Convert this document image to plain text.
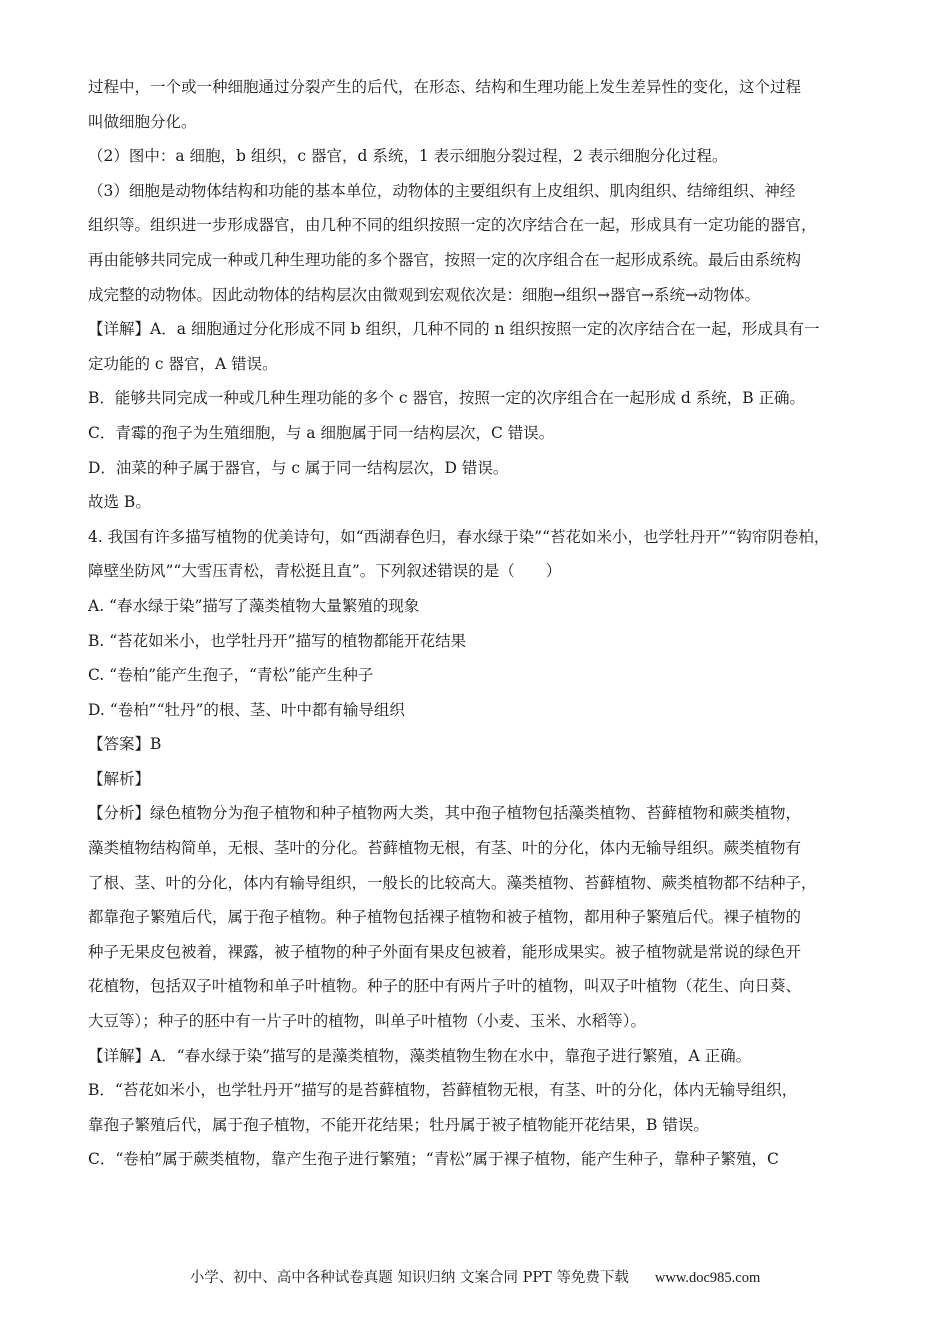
过程中，一个或一种细胞通过分裂产生的后代，在形态、结构和生理功能上发生差异性的变化，这个过程
叫做细胞分化。
（2）图中：a 细胞，b 组织，c 器官，d 系统，1 表示细胞分裂过程，2 表示细胞分化过程。
（3）细胞是动物体结构和功能的基本单位，动物体的主要组织有上皮组织、肌肉组织、结缔组织、神经
组织等。组织进一步形成器官，由几种不同的组织按照一定的次序结合在一起，形成具有一定功能的器官，
再由能够共同完成一种或几种生理功能的多个器官，按照一定的次序组合在一起形成系统。最后由系统构
成完整的动物体。因此动物体的结构层次由微观到宏观依次是：细胞→组织→器官→系统→动物体。
【详解】A．a 细胞通过分化形成不同 b 组织，几种不同的 n 组织按照一定的次序结合在一起，形成具有一
定功能的 c 器官，A 错误。
B．能够共同完成一种或几种生理功能的多个 c 器官，按照一定的次序组合在一起形成 d 系统，B 正确。
C．青霉的孢子为生殖细胞，与 a 细胞属于同一结构层次，C 错误。
D．油菜的种子属于器官，与 c 属于同一结构层次，D 错误。
故选 B。
4. 我国有许多描写植物的优美诗句，如“西湖春色归，春水绿于染”“苔花如米小，也学牡丹开”“钩帘阴卷柏，
障壁坐防风”“大雪压青松，青松挺且直”。下列叙述错误的是（　　）
A. “春水绿于染”描写了藻类植物大量繁殖的现象
B. “苔花如米小，也学牡丹开”描写的植物都能开花结果
C. “卷柏”能产生孢子，“青松”能产生种子
D. “卷柏”“牡丹”的根、茎、叶中都有输导组织
【答案】B
【解析】
【分析】绿色植物分为孢子植物和种子植物两大类，其中孢子植物包括藻类植物、苔藓植物和蕨类植物，
藻类植物结构简单，无根、茎叶的分化。苔藓植物无根，有茎、叶的分化，体内无输导组织。蕨类植物有
了根、茎、叶的分化，体内有输导组织，一般长的比较高大。藻类植物、苔藓植物、蕨类植物都不结种子，
都靠孢子繁殖后代，属于孢子植物。种子植物包括裸子植物和被子植物，都用种子繁殖后代。裸子植物的
种子无果皮包被着，裸露，被子植物的种子外面有果皮包被着，能形成果实。被子植物就是常说的绿色开
花植物，包括双子叶植物和单子叶植物。种子的胚中有两片子叶的植物，叫双子叶植物（花生、向日葵、
大豆等）；种子的胚中有一片子叶的植物，叫单子叶植物（小麦、玉米、水稻等）。
【详解】A．“春水绿于染”描写的是藻类植物，藻类植物生物在水中，靠孢子进行繁殖，A 正确。
B．“苔花如米小，也学牡丹开”描写的是苔藓植物，苔藓植物无根，有茎、叶的分化，体内无输导组织，
靠孢子繁殖后代，属于孢子植物，不能开花结果；牡丹属于被子植物能开花结果，B 错误。
C．“卷柏”属于蕨类植物，靠产生孢子进行繁殖；“青松”属于裸子植物，能产生种子，靠种子繁殖，C
小学、初中、高中各种试卷真题 知识归纳 文案合同 PPT 等免费下载 www.doc985.com
